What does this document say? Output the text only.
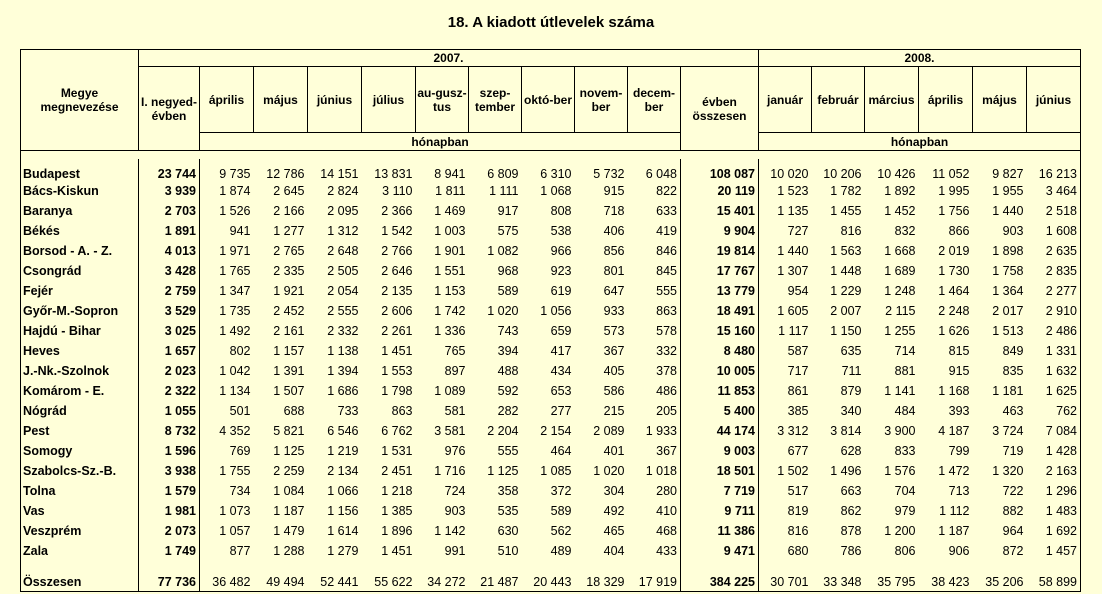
18. A kiadott útlevelek száma
Megye megnevezése	2007.											2008.					
	I. negyed-évben	április	május	június	július	au-gusz-tus	szep-tember	októ-ber	novem-ber	decem-ber	évben összesen	január	február	március	április	május	június
		hónapban										hónapban					

Budapest	23 744	9 735	12 786	14 151	13 831	8 941	6 809	6 310	5 732	6 048	108 087	10 020	10 206	10 426	11 052	9 827	16 213
Bács-Kiskun	3 939	1 874	2 645	2 824	3 110	1 811	1 111	1 068	915	822	20 119	1 523	1 782	1 892	1 995	1 955	3 464
Baranya	2 703	1 526	2 166	2 095	2 366	1 469	917	808	718	633	15 401	1 135	1 455	1 452	1 756	1 440	2 518
Békés	1 891	941	1 277	1 312	1 542	1 003	575	538	406	419	9 904	727	816	832	866	903	1 608
Borsod - A. - Z.	4 013	1 971	2 765	2 648	2 766	1 901	1 082	966	856	846	19 814	1 440	1 563	1 668	2 019	1 898	2 635
Csongrád	3 428	1 765	2 335	2 505	2 646	1 551	968	923	801	845	17 767	1 307	1 448	1 689	1 730	1 758	2 835
Fejér	2 759	1 347	1 921	2 054	2 135	1 153	589	619	647	555	13 779	954	1 229	1 248	1 464	1 364	2 277
Győr-M.-Sopron	3 529	1 735	2 452	2 555	2 606	1 742	1 020	1 056	933	863	18 491	1 605	2 007	2 115	2 248	2 017	2 910
Hajdú - Bihar	3 025	1 492	2 161	2 332	2 261	1 336	743	659	573	578	15 160	1 117	1 150	1 255	1 626	1 513	2 486
Heves	1 657	802	1 157	1 138	1 451	765	394	417	367	332	8 480	587	635	714	815	849	1 331
J.-Nk.-Szolnok	2 023	1 042	1 391	1 394	1 553	897	488	434	405	378	10 005	717	711	881	915	835	1 632
Komárom - E.	2 322	1 134	1 507	1 686	1 798	1 089	592	653	586	486	11 853	861	879	1 141	1 168	1 181	1 625
Nógrád	1 055	501	688	733	863	581	282	277	215	205	5 400	385	340	484	393	463	762
Pest	8 732	4 352	5 821	6 546	6 762	3 581	2 204	2 154	2 089	1 933	44 174	3 312	3 814	3 900	4 187	3 724	7 084
Somogy	1 596	769	1 125	1 219	1 531	976	555	464	401	367	9 003	677	628	833	799	719	1 428
Szabolcs-Sz.-B.	3 938	1 755	2 259	2 134	2 451	1 716	1 125	1 085	1 020	1 018	18 501	1 502	1 496	1 576	1 472	1 320	2 163
Tolna	1 579	734	1 084	1 066	1 218	724	358	372	304	280	7 719	517	663	704	713	722	1 296
Vas	1 981	1 073	1 187	1 156	1 385	903	535	589	492	410	9 711	819	862	979	1 112	882	1 483
Veszprém	2 073	1 057	1 479	1 614	1 896	1 142	630	562	465	468	11 386	816	878	1 200	1 187	964	1 692
Zala	1 749	877	1 288	1 279	1 451	991	510	489	404	433	9 471	680	786	806	906	872	1 457
Összesen	77 736	36 482	49 494	52 441	55 622	34 272	21 487	20 443	18 329	17 919	384 225	30 701	33 348	35 795	38 423	35 206	58 899
